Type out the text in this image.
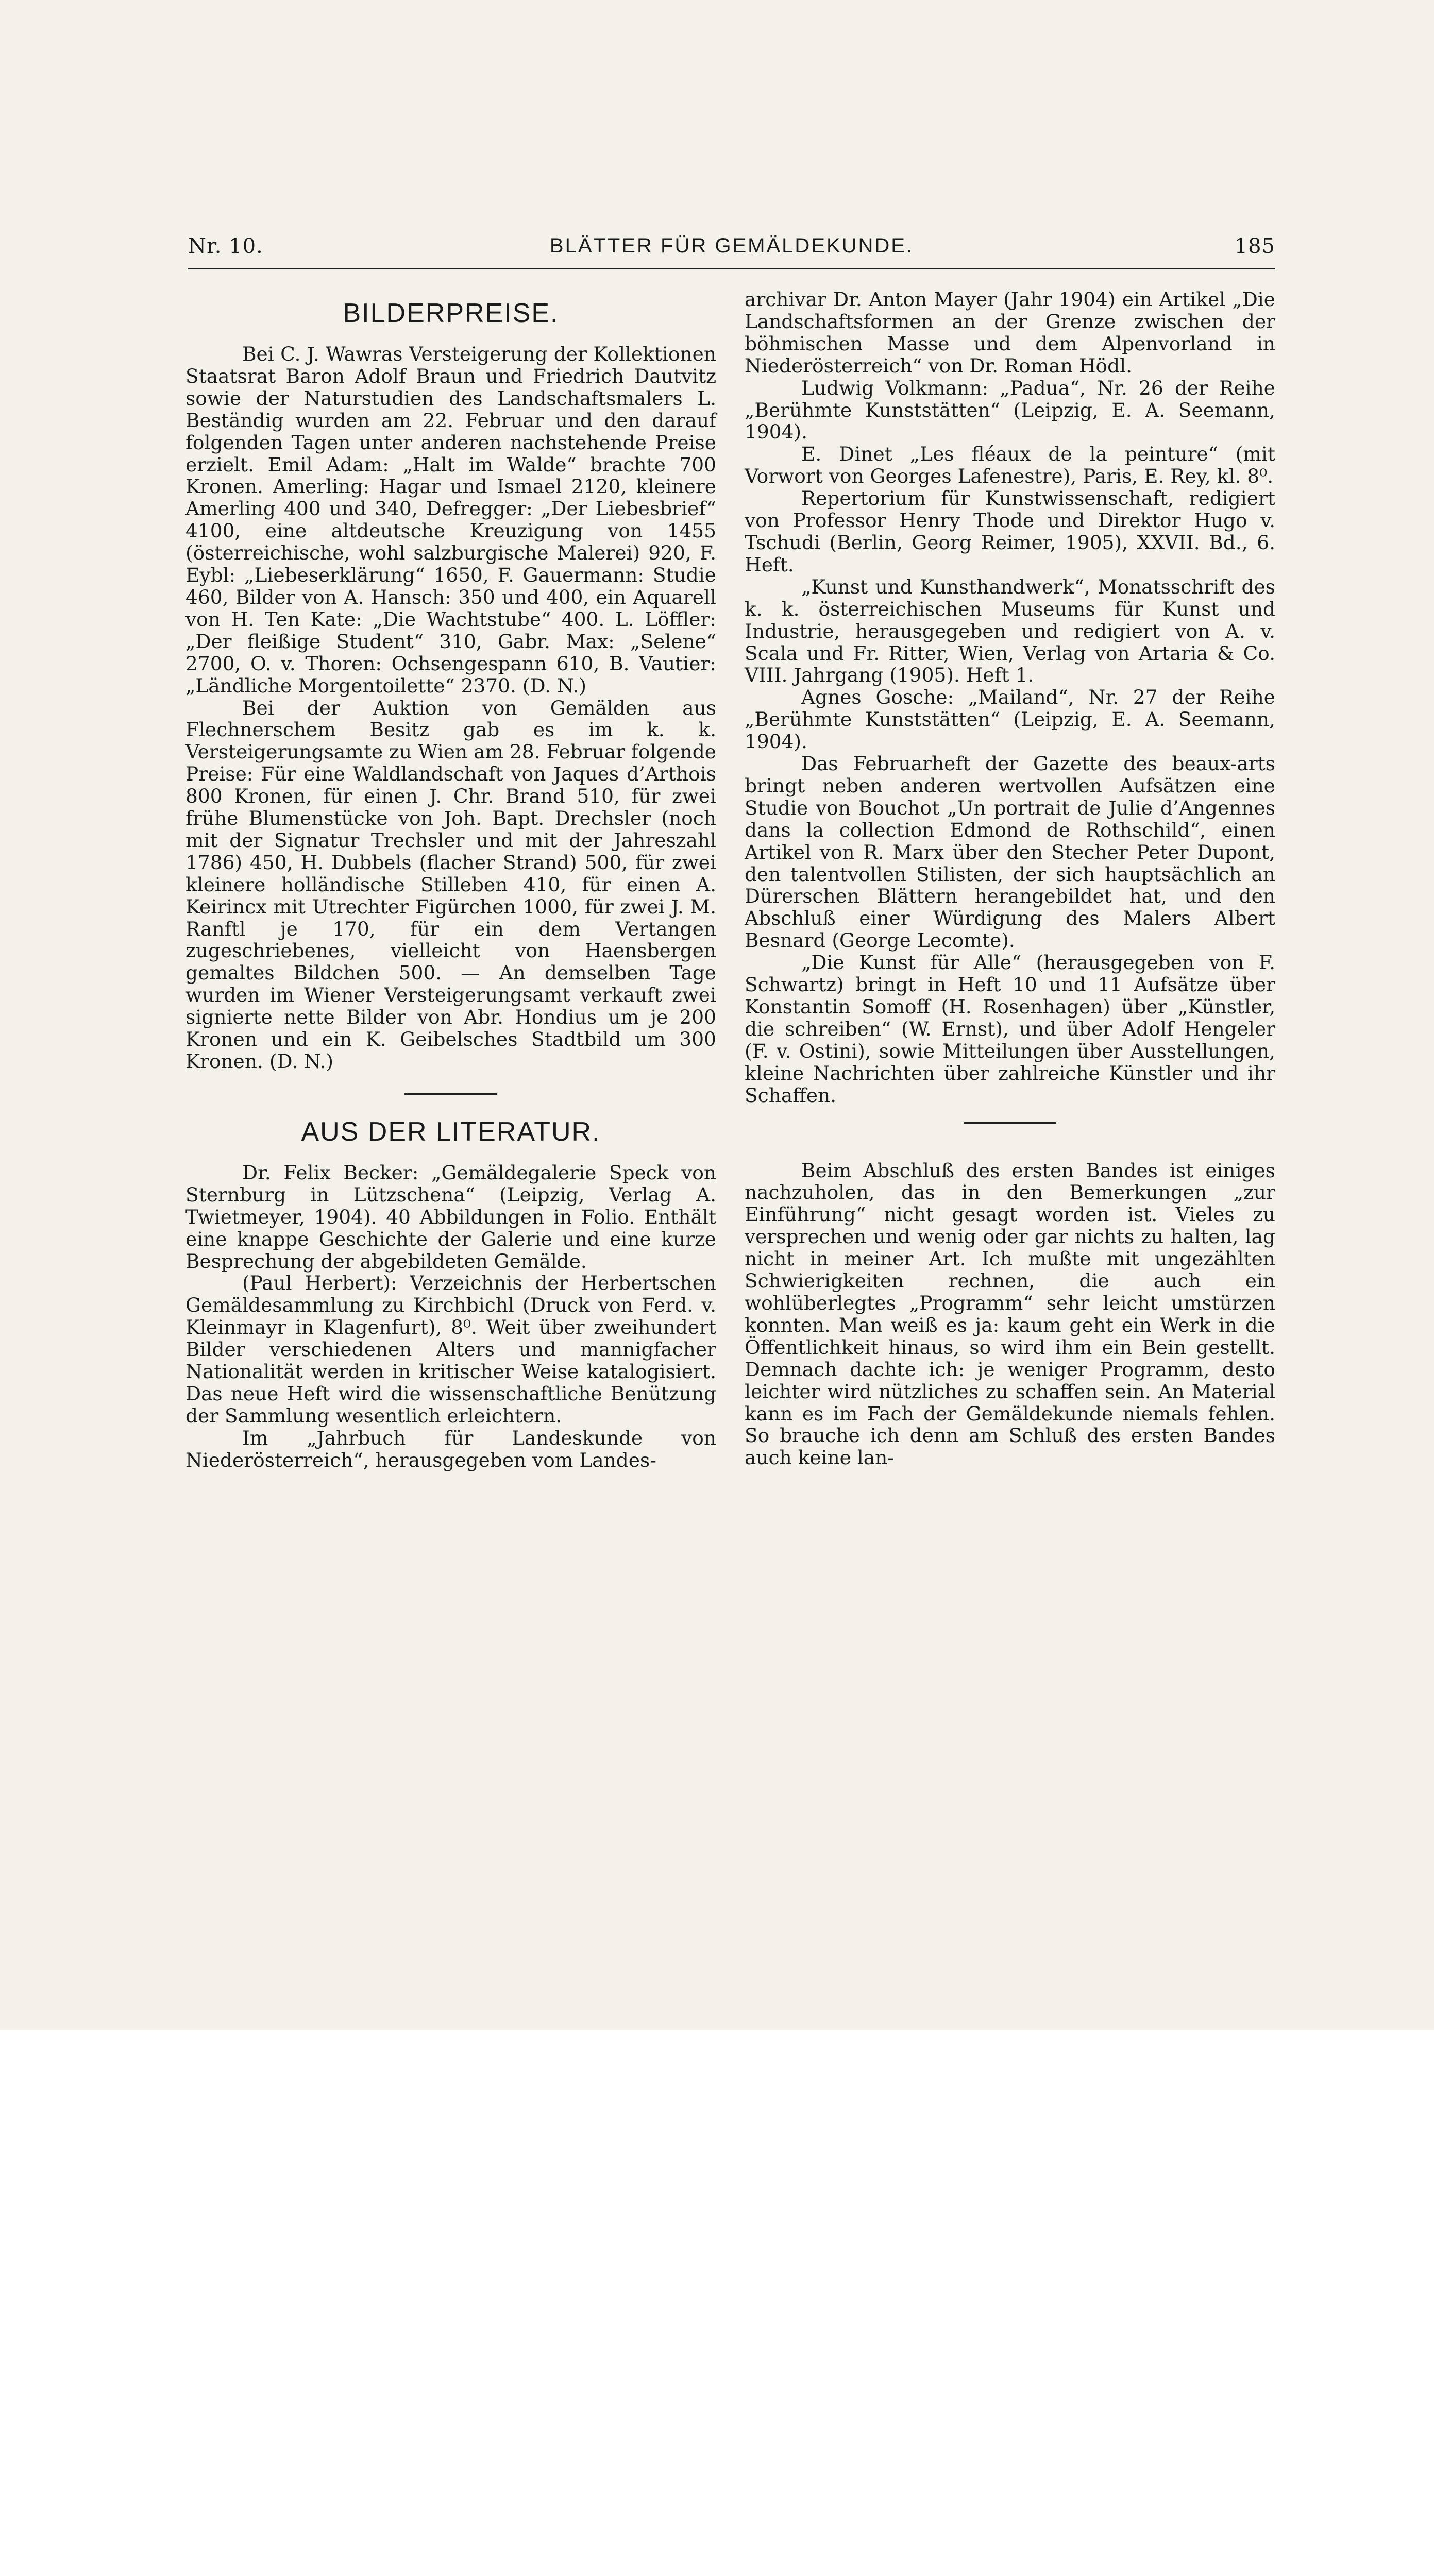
Nr. 10.	BLÄTTER FÜR GEMÄLDEKUNDE.	185
BILDERPREISE.

Bei C. J. Wawras Versteigerung der Kollektionen Staatsrat Baron Adolf Braun und Friedrich Dautvitz sowie der Naturstudien des Landschaftsmalers L. Beständig wurden am 22. Februar und den darauf folgenden Tagen unter anderen nachstehende Preise erzielt. Emil Adam: „Halt im Walde“ brachte 700 Kronen. Amerling: Hagar und Ismael 2120, kleinere Amerling 400 und 340, Defregger: „Der Liebesbrief“ 4100, eine altdeutsche Kreuzigung von 1455 (österreichische, wohl salzburgische Malerei) 920, F. Eybl: „Liebeserklärung“ 1650, F. Gauermann: Studie 460, Bilder von A. Hansch: 350 und 400, ein Aquarell von H. Ten Kate: „Die Wachtstube“ 400. L. Löffler: „Der fleißige Student“ 310, Gabr. Max: „Selene“ 2700, O. v. Thoren: Ochsengespann 610, B. Vautier: „Ländliche Morgentoilette“ 2370. (D. N.)

Bei der Auktion von Gemälden aus Flechnerschem Besitz gab es im k. k. Versteigerungsamte zu Wien am 28. Februar folgende Preise: Für eine Waldlandschaft von Jaques d’Arthois 800 Kronen, für einen J. Chr. Brand 510, für zwei frühe Blumenstücke von Joh. Bapt. Drechsler (noch mit der Signatur Trechsler und mit der Jahreszahl 1786) 450, H. Dubbels (flacher Strand) 500, für zwei kleinere holländische Stilleben 410, für einen A. Keirincx mit Utrechter Figürchen 1000, für zwei J. M. Ranftl je 170, für ein dem Vertangen zugeschriebenes, vielleicht von Haensbergen gemaltes Bildchen 500. — An demselben Tage wurden im Wiener Versteigerungsamt verkauft zwei signierte nette Bilder von Abr. Hondius um je 200 Kronen und ein K. Geibelsches Stadtbild um 300 Kronen. (D. N.)

AUS DER LITERATUR.

Dr. Felix Becker: „Gemäldegalerie Speck von Sternburg in Lützschena“ (Leipzig, Verlag A. Twietmeyer, 1904). 40 Abbildungen in Folio. Enthält eine knappe Geschichte der Galerie und eine kurze Besprechung der abgebildeten Gemälde.

(Paul Herbert): Verzeichnis der Herbertschen Gemäldesammlung zu Kirchbichl (Druck von Ferd. v. Kleinmayr in Klagenfurt), 8⁰. Weit über zweihundert Bilder verschiedenen Alters und mannigfacher Nationalität werden in kritischer Weise katalogisiert. Das neue Heft wird die wissenschaftliche Benützung der Sammlung wesentlich erleichtern.

Im „Jahrbuch für Landeskunde von Niederösterreich“, herausgegeben vom Landes-

archivar Dr. Anton Mayer (Jahr 1904) ein Artikel „Die Landschaftsformen an der Grenze zwischen der böhmischen Masse und dem Alpenvorland in Niederösterreich“ von Dr. Roman Hödl.

Ludwig Volkmann: „Padua“, Nr. 26 der Reihe „Berühmte Kunststätten“ (Leipzig, E. A. Seemann, 1904).

E. Dinet „Les fléaux de la peinture“ (mit Vorwort von Georges Lafenestre), Paris, E. Rey, kl. 8⁰.

Repertorium für Kunstwissenschaft, redigiert von Professor Henry Thode und Direktor Hugo v. Tschudi (Berlin, Georg Reimer, 1905), XXVII. Bd., 6. Heft.

„Kunst und Kunsthandwerk“, Monatsschrift des k. k. österreichischen Museums für Kunst und Industrie, herausgegeben und redigiert von A. v. Scala und Fr. Ritter, Wien, Verlag von Artaria & Co. VIII. Jahrgang (1905). Heft 1.

Agnes Gosche: „Mailand“, Nr. 27 der Reihe „Berühmte Kunststätten“ (Leipzig, E. A. Seemann, 1904).

Das Februarheft der Gazette des beaux-arts bringt neben anderen wertvollen Aufsätzen eine Studie von Bouchot „Un portrait de Julie d’Angennes dans la collection Edmond de Rothschild“, einen Artikel von R. Marx über den Stecher Peter Dupont, den talentvollen Stilisten, der sich hauptsächlich an Dürerschen Blättern herangebildet hat, und den Abschluß einer Würdigung des Malers Albert Besnard (George Lecomte).

„Die Kunst für Alle“ (herausgegeben von F. Schwartz) bringt in Heft 10 und 11 Aufsätze über Konstantin Somoff (H. Rosenhagen) über „Künstler, die schreiben“ (W. Ernst), und über Adolf Hengeler (F. v. Ostini), sowie Mitteilungen über Ausstellungen, kleine Nachrichten über zahlreiche Künstler und ihr Schaffen.

Beim Abschluß des ersten Bandes ist einiges nachzuholen, das in den Bemerkungen „zur Einführung“ nicht gesagt worden ist. Vieles zu versprechen und wenig oder gar nichts zu halten, lag nicht in meiner Art. Ich mußte mit ungezählten Schwierigkeiten rechnen, die auch ein wohlüberlegtes „Programm“ sehr leicht umstürzen konnten. Man weiß es ja: kaum geht ein Werk in die Öffentlichkeit hinaus, so wird ihm ein Bein gestellt. Demnach dachte ich: je weniger Programm, desto leichter wird nützliches zu schaffen sein. An Material kann es im Fach der Gemäldekunde niemals fehlen. So brauche ich denn am Schluß des ersten Bandes auch keine lan-
